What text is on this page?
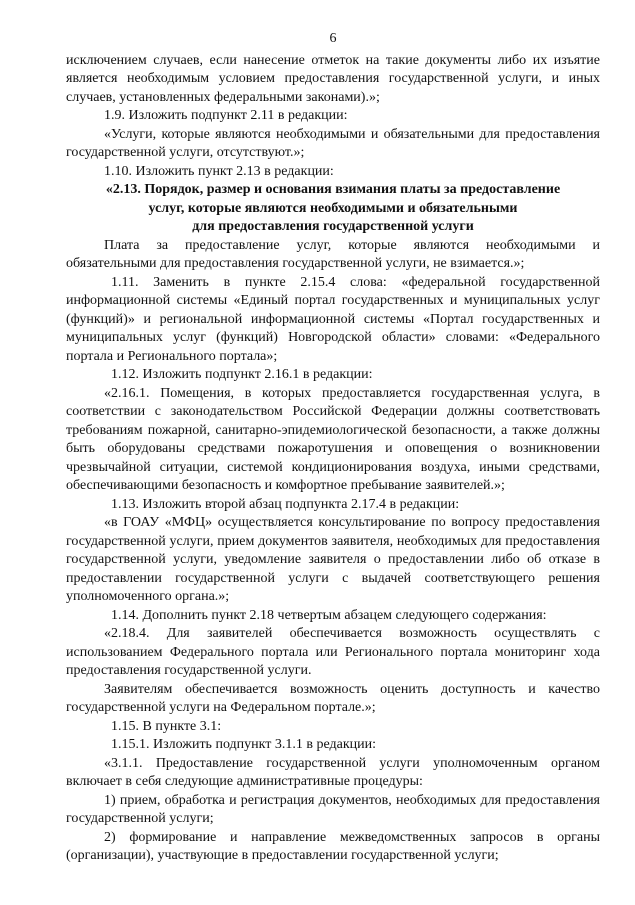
6

исключением случаев, если нанесение отметок на такие документы либо их изъятие является необходимым условием предоставления государственной услуги, и иных случаев, установленных федеральными законами).»;

1.9. Изложить подпункт 2.11 в редакции:

«Услуги, которые являются необходимыми и обязательными для предоставления государственной услуги, отсутствуют.»;

1.10. Изложить пункт 2.13 в редакции:

«2.13. Порядок, размер и основания взимания платы за предоставление

услуг, которые являются необходимыми и обязательными

для предоставления государственной услуги

Плата за предоставление услуг, которые являются необходимыми и обязательными для предоставления государственной услуги, не взимается.»;

1.11. Заменить в пункте 2.15.4 слова: «федеральной государственной информационной системы «Единый портал государственных и муниципальных услуг (функций)» и региональной информационной системы «Портал государственных и муниципальных услуг (функций) Новгородской области» словами: «Федерального портала и Регионального портала»;

1.12. Изложить подпункт 2.16.1 в редакции:

«2.16.1. Помещения, в которых предоставляется государственная услуга, в соответствии с законодательством Российской Федерации должны соответствовать требованиям пожарной, санитарно-эпидемиологической безопасности, а также должны быть оборудованы средствами пожаротушения и оповещения о возникновении чрезвычайной ситуации, системой кондиционирования воздуха, иными средствами, обеспечивающими безопасность и комфортное пребывание заявителей.»;

1.13. Изложить второй абзац подпункта 2.17.4 в редакции:

«в ГОАУ «МФЦ» осуществляется консультирование по вопросу предоставления государственной услуги, прием документов заявителя, необходимых для предоставления государственной услуги, уведомление заявителя о предоставлении либо об отказе в предоставлении государственной услуги с выдачей соответствующего решения уполномоченного органа.»;

1.14. Дополнить пункт 2.18 четвертым абзацем следующего содержания:

«2.18.4. Для заявителей обеспечивается возможность осуществлять с использованием Федерального портала или Регионального портала мониторинг хода предоставления государственной услуги.

Заявителям обеспечивается возможность оценить доступность и качество государственной услуги на Федеральном портале.»;

1.15. В пункте 3.1:

1.15.1. Изложить подпункт 3.1.1 в редакции:

«3.1.1. Предоставление государственной услуги уполномоченным органом включает в себя следующие административные процедуры:

1) прием, обработка и регистрация документов, необходимых для предоставления государственной услуги;

2) формирование и направление межведомственных запросов в органы (организации), участвующие в предоставлении государственной услуги;
